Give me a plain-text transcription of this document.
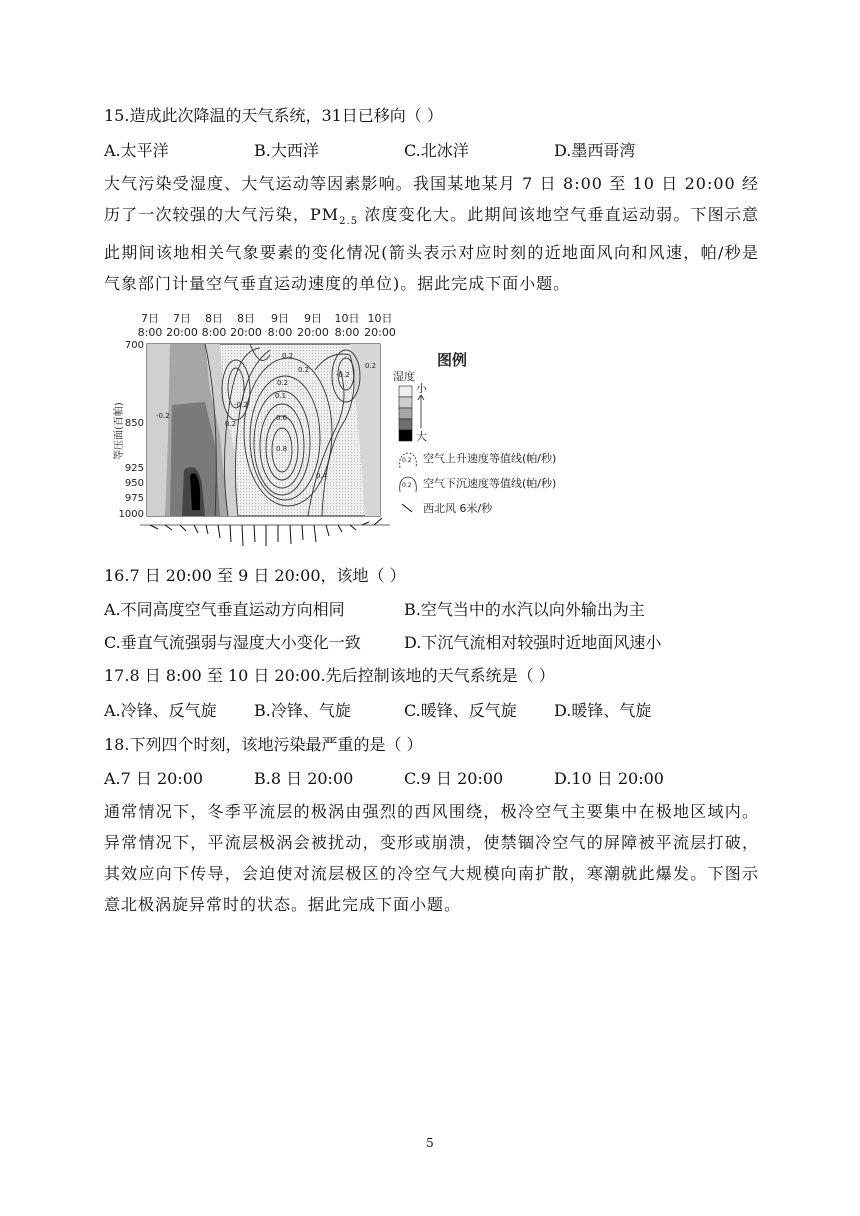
15.造成此次降温的天气系统，31日已移向（ ）
A.太平洋	B.大西洋	C.北冰洋	D.墨西哥湾
大气污染受湿度、大气运动等因素影响。我国某地某月 7 日 8:00 至 10 日 20:00 经历了一次较强的大气污染，$PM_{2.5}$ 浓度变化大。此期间该地空气垂直运动弱。下图示意此期间该地相关气象要素的变化情况(箭头表示对应时刻的近地面风向和风速，帕/秒是气象部门计量空气垂直运动速度的单位)。据此完成下面小题。
7日
8:00
7日
20:00
8日
8:00
8日
20:00
9日
8:00
9日
20:00
10日
8:00
10日
20:00
-0.2
0.2
-0.2
-0.2
0.2
0.1
0.6
0.8
0.4
0.2
0.2
0.2
等压面(百帕)
700
850
925
950
975
1000
图例
湿度
小
大
0.2 空气上升速度等值线(帕/秒)
0.2 空气下沉速度等值线(帕/秒)
西北风 6米/秒
16.7 日 20:00 至 9 日 20:00，该地（ ）
A.不同高度空气垂直运动方向相同	B.空气当中的水汽以向外输出为主
C.垂直气流强弱与湿度大小变化一致	D.下沉气流相对较强时近地面风速小
17.8 日 8:00 至 10 日 20:00.先后控制该地的天气系统是（ ）
A.冷锋、反气旋 B.冷锋、气旋	C.暖锋、反气旋 D.暖锋、气旋
18.下列四个时刻，该地污染最严重的是（ ）
A.7 日 20:00	B.8 日 20:00	C.9 日 20:00	D.10 日 20:00
通常情况下，冬季平流层的极涡由强烈的西风围绕，极冷空气主要集中在极地区域内。异常情况下，平流层极涡会被扰动，变形或崩溃，使禁锢冷空气的屏障被平流层打破，其效应向下传导，会迫使对流层极区的冷空气大规模向南扩散，寒潮就此爆发。下图示意北极涡旋异常时的状态。据此完成下面小题。
5
